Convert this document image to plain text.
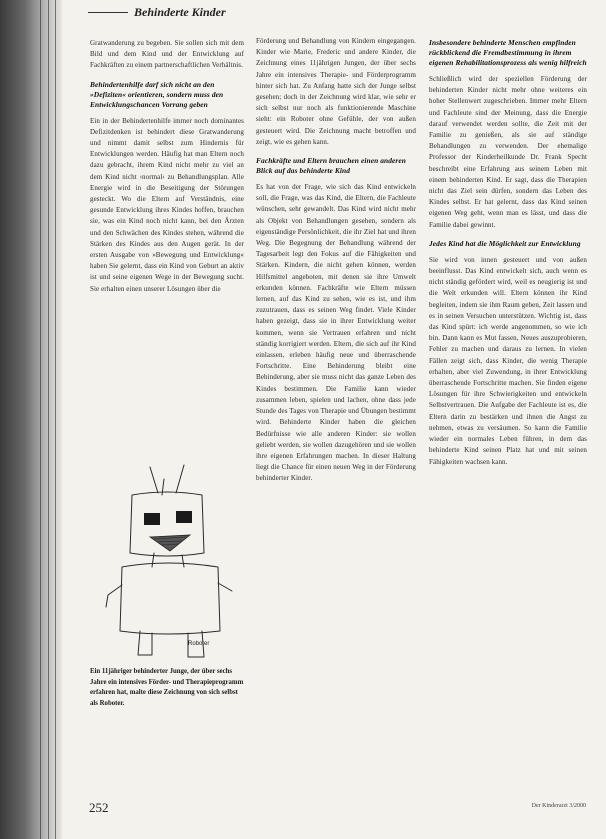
Behinderte Kinder

Gratwanderung zu begeben. Sie sollen sich mit dem Bild und dem Kind und der Entwicklung auf Fachkräften zu einem partnerschaftlichen Verhältnis.

Behindertenhilfe darf sich nicht an den »Defiziten« orientieren, sondern muss den Entwicklungschancen Vorrang geben

Ein in der Behindertenhilfe immer noch dominantes Defizitdenken ist behindert diese Gratwanderung und nimmt damit selbst zum Hindernis für Entwicklungen werden. Häufig hat man Eltern noch dazu gebracht, ihrem Kind nicht mehr zu viel an dem Kind nicht ›normal‹ zu Behandlungsplan. Alle Energie wird in die Beseitigung der Störungen gesteckt. Wo die Eltern auf Verständnis, eine gesunde Entwicklung ihres Kindes hoffen, brauchen sie, was ein Kind noch nicht kann, bei den Ärzten und den Schwächen des Kindes stehen, während die Stärken des Kindes aus den Augen gerät. In der ersten Ausgabe von »Bewegung und Entwicklung« haben Sie gelernt, dass ein Kind von Geburt an aktiv ist und seine eigenen Wege in der Bewegung sucht. Sie erhalten einen unserer Lösungen über die

Roboter
Ein 11jähriger behinderter Junge, der über sechs Jahre ein intensives Förder- und Therapieprogramm erfahren hat, malte diese Zeichnung von sich selbst als Roboter.

Förderung und Behandlung von Kindern eingegangen. Kinder wie Marie, Frederic und andere Kinder, die Zeichnung eines 11jährigen Jungen, der über sechs Jahre ein intensives Therapie- und Förderprogramm hinter sich hat. Zu Anfang hatte sich der Junge selbst gesehen; doch in der Zeichnung wird klar, wie sehr er sich selbst nur noch als funktionierende Maschine sieht: ein Roboter ohne Gefühle, der von außen gesteuert wird. Die Zeichnung macht betroffen und zeigt, wie es gehen kann.

Fachkräfte und Eltern brauchen einen anderen Blick auf das behinderte Kind

Es hat von der Frage, wie sich das Kind entwickeln soll, die Frage, was das Kind, die Eltern, die Fachleute wünschen, sehr gewandelt. Das Kind wird nicht mehr als Objekt von Behandlungen gesehen, sondern als eigenständige Persönlichkeit, die ihr Ziel hat und ihren Weg. Die Begegnung der Behandlung während der Tagesarbeit legt den Fokus auf die Fähigkeiten und Stärken. Kindern, die nicht gehen können, werden Hilfsmittel angeboten, mit denen sie ihre Umwelt erkunden können. Fachkräfte wie Eltern müssen lernen, auf das Kind zu sehen, wie es ist, und ihm zuzutrauen, dass es seinen Weg findet. Viele Kinder haben gezeigt, dass sie in ihrer Entwicklung weiter kommen, wenn sie Vertrauen erfahren und nicht ständig korrigiert werden. Eltern, die sich auf ihr Kind einlassen, erleben häufig neue und überraschende Fortschritte. Eine Behinderung bleibt eine Behinderung, aber sie muss nicht das ganze Leben des Kindes bestimmen. Die Familie kann wieder zusammen leben, spielen und lachen, ohne dass jede Stunde des Tages von Therapie und Übungen bestimmt wird. Behinderte Kinder haben die gleichen Bedürfnisse wie alle anderen Kinder: sie wollen geliebt werden, sie wollen dazugehören und sie wollen ihre eigenen Erfahrungen machen. In dieser Haltung liegt die Chance für einen neuen Weg in der Förderung behinderter Kinder.

Insbesondere behinderte Menschen empfinden rückblickend die Fremdbestimmung in ihrem eigenen Rehabilitationsprozess als wenig hilfreich

Schließlich wird der speziellen Förderung der behinderten Kinder nicht mehr ohne weiteres ein hoher Stellenwert zugeschrieben. Immer mehr Eltern und Fachleute sind der Meinung, dass die Energie darauf verwendet werden sollte, die Zeit mit der Familie zu genießen, als sie auf ständige Behandlungen zu verwenden. Der ehemalige Professor der Kinderheilkunde Dr. Frank Specht beschreibt eine Erfahrung aus seinem Leben mit einem behinderten Kind. Er sagt, dass die Therapien nicht das Ziel sein dürfen, sondern das Leben des Kindes selbst. Er hat gelernt, dass das Kind seinen eigenen Weg geht, wenn man es lässt, und dass die Familie dabei gewinnt.

Jedes Kind hat die Möglichkeit zur Entwicklung

Sie wird von innen gesteuert und von außen beeinflusst. Das Kind entwickelt sich, auch wenn es nicht ständig gefördert wird, weil es neugierig ist und die Welt erkunden will. Eltern können ihr Kind begleiten, indem sie ihm Raum geben, Zeit lassen und es in seinen Versuchen unterstützen. Wichtig ist, dass das Kind spürt: ich werde angenommen, so wie ich bin. Dann kann es Mut fassen, Neues auszuprobieren, Fehler zu machen und daraus zu lernen. In vielen Fällen zeigt sich, dass Kinder, die wenig Therapie erhalten, aber viel Zuwendung, in ihrer Entwicklung überraschende Fortschritte machen. Sie finden eigene Lösungen für ihre Schwierigkeiten und entwickeln Selbstvertrauen. Die Aufgabe der Fachleute ist es, die Eltern darin zu bestärken und ihnen die Angst zu nehmen, etwas zu versäumen. So kann die Familie wieder ein normales Leben führen, in dem das behinderte Kind seinen Platz hat und mit seinen Fähigkeiten wachsen kann.

252	Der Kinderarzt 3/2000
